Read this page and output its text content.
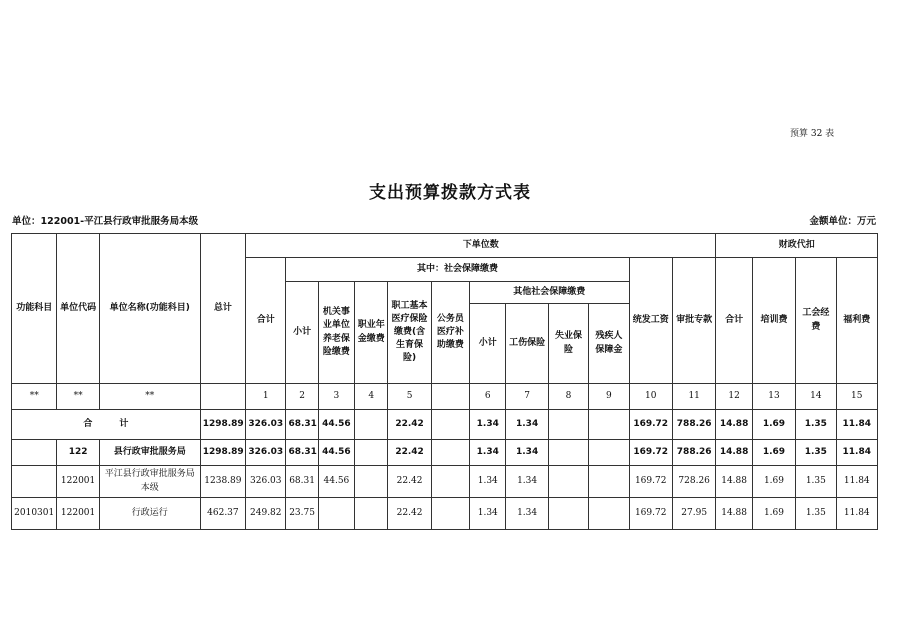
预算 32 表
支出预算拨款方式表
单位：122001-平江县行政审批服务局本级	金额单位：万元
功能科目	单位代码	单位名称(功能科目)	总计	下单位数												财政代扣			
				合计	其中：社会保障缴费									统发工资	审批专款	合计	培训费	工会经费	福利费
					小计	机关事业单位养老保险缴费	职业年金缴费	职工基本医疗保险缴费(含生育保险)	公务员医疗补助缴费	其他社会保障缴费									
										小计	工伤保险	失业保险	残疾人保障金						
**	**	**		1	2	3	4	5		6	7	8	9	10	11	12	13	14	15
合　　　计			1298.89	326.03	68.31	44.56		22.42		1.34	1.34			169.72	788.26	14.88	1.69	1.35	11.84
	122	县行政审批服务局	1298.89	326.03	68.31	44.56		22.42		1.34	1.34			169.72	788.26	14.88	1.69	1.35	11.84
	122001	平江县行政审批服务局本级	1238.89	326.03	68.31	44.56		22.42		1.34	1.34			169.72	728.26	14.88	1.69	1.35	11.84
2010301	122001	行政运行	462.37	249.82	23.75			22.42		1.34	1.34			169.72	27.95	14.88	1.69	1.35	11.84
